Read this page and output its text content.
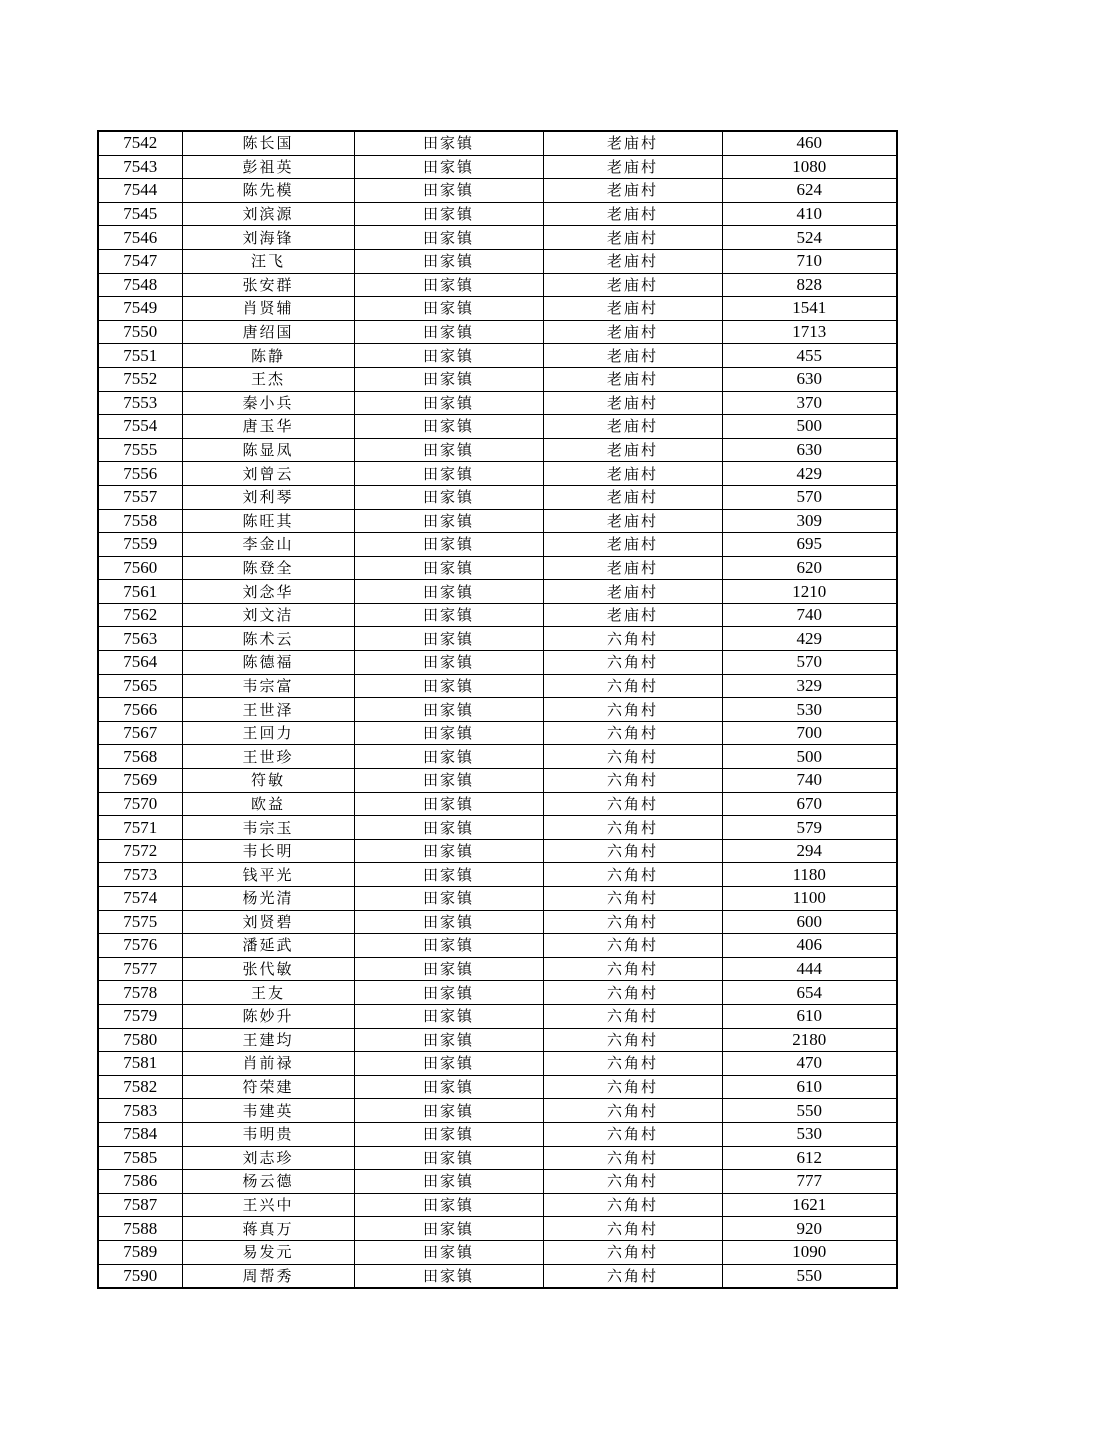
7542	陈长国	田家镇	老庙村	460
7543	彭祖英	田家镇	老庙村	1080
7544	陈先模	田家镇	老庙村	624
7545	刘滨源	田家镇	老庙村	410
7546	刘海锋	田家镇	老庙村	524
7547	汪飞	田家镇	老庙村	710
7548	张安群	田家镇	老庙村	828
7549	肖贤辅	田家镇	老庙村	1541
7550	唐绍国	田家镇	老庙村	1713
7551	陈静	田家镇	老庙村	455
7552	王杰	田家镇	老庙村	630
7553	秦小兵	田家镇	老庙村	370
7554	唐玉华	田家镇	老庙村	500
7555	陈显凤	田家镇	老庙村	630
7556	刘曾云	田家镇	老庙村	429
7557	刘利琴	田家镇	老庙村	570
7558	陈旺其	田家镇	老庙村	309
7559	李金山	田家镇	老庙村	695
7560	陈登全	田家镇	老庙村	620
7561	刘念华	田家镇	老庙村	1210
7562	刘文洁	田家镇	老庙村	740
7563	陈术云	田家镇	六角村	429
7564	陈德福	田家镇	六角村	570
7565	韦宗富	田家镇	六角村	329
7566	王世泽	田家镇	六角村	530
7567	王回力	田家镇	六角村	700
7568	王世珍	田家镇	六角村	500
7569	符敏	田家镇	六角村	740
7570	欧益	田家镇	六角村	670
7571	韦宗玉	田家镇	六角村	579
7572	韦长明	田家镇	六角村	294
7573	钱平光	田家镇	六角村	1180
7574	杨光清	田家镇	六角村	1100
7575	刘贤碧	田家镇	六角村	600
7576	潘延武	田家镇	六角村	406
7577	张代敏	田家镇	六角村	444
7578	王友	田家镇	六角村	654
7579	陈妙升	田家镇	六角村	610
7580	王建均	田家镇	六角村	2180
7581	肖前禄	田家镇	六角村	470
7582	符荣建	田家镇	六角村	610
7583	韦建英	田家镇	六角村	550
7584	韦明贵	田家镇	六角村	530
7585	刘志珍	田家镇	六角村	612
7586	杨云德	田家镇	六角村	777
7587	王兴中	田家镇	六角村	1621
7588	蒋真万	田家镇	六角村	920
7589	易发元	田家镇	六角村	1090
7590	周帮秀	田家镇	六角村	550
